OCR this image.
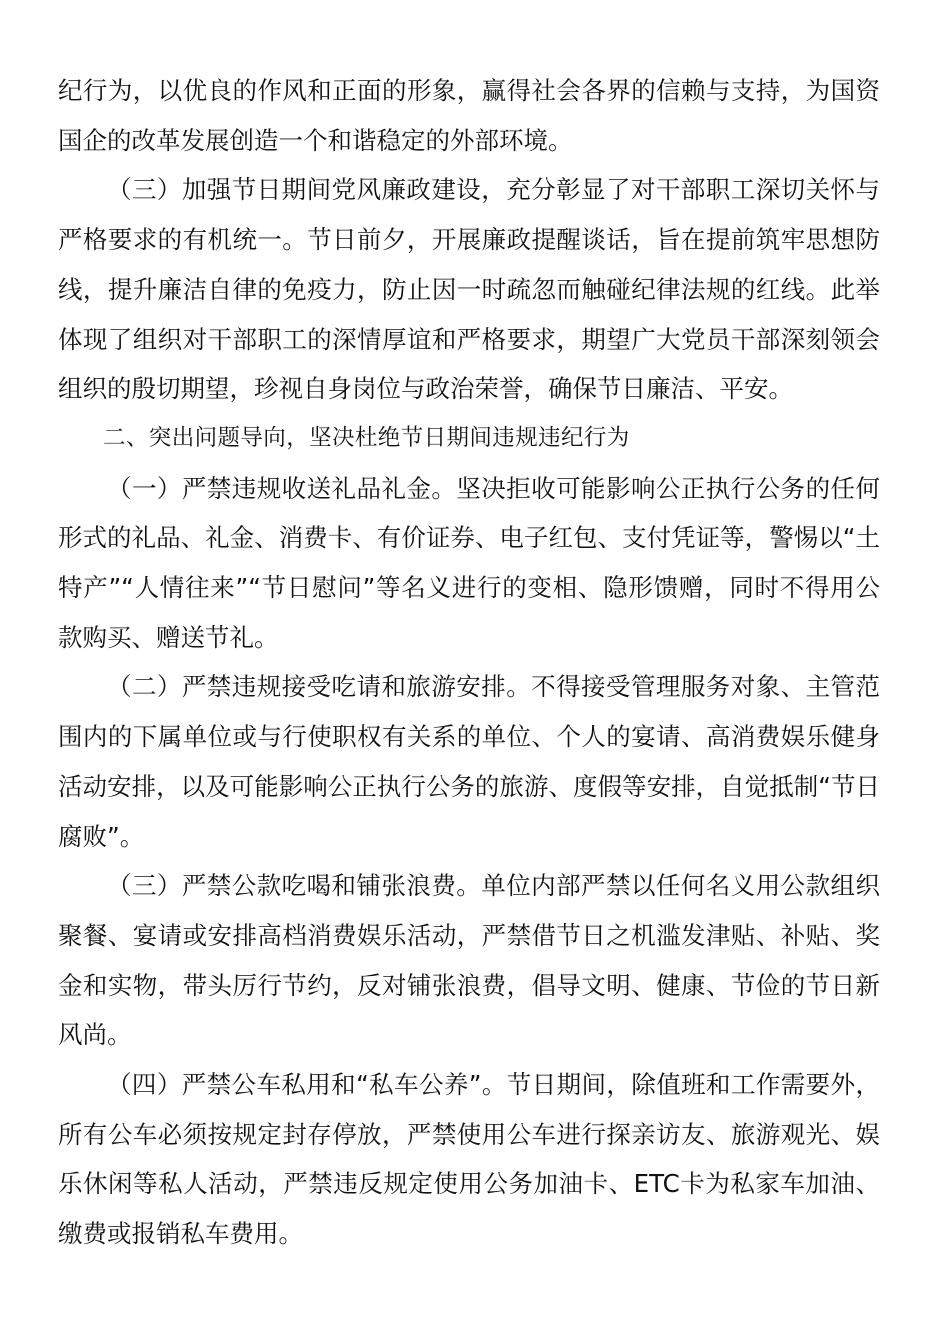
纪行为，以优良的作风和正面的形象，赢得社会各界的信赖与支持，为国资国企的改革发展创造一个和谐稳定的外部环境。

（三）加强节日期间党风廉政建设，充分彰显了对干部职工深切关怀与严格要求的有机统一。节日前夕，开展廉政提醒谈话，旨在提前筑牢思想防线，提升廉洁自律的免疫力，防止因一时疏忽而触碰纪律法规的红线。此举体现了组织对干部职工的深情厚谊和严格要求，期望广大党员干部深刻领会组织的殷切期望，珍视自身岗位与政治荣誉，确保节日廉洁、平安。

二、突出问题导向，坚决杜绝节日期间违规违纪行为

（一）严禁违规收送礼品礼金。坚决拒收可能影响公正执行公务的任何形式的礼品、礼金、消费卡、有价证券、电子红包、支付凭证等，警惕以“土特产”“人情往来”“节日慰问”等名义进行的变相、隐形馈赠，同时不得用公款购买、赠送节礼。

（二）严禁违规接受吃请和旅游安排。不得接受管理服务对象、主管范围内的下属单位或与行使职权有关系的单位、个人的宴请、高消费娱乐健身活动安排，以及可能影响公正执行公务的旅游、度假等安排，自觉抵制“节日腐败”。

（三）严禁公款吃喝和铺张浪费。单位内部严禁以任何名义用公款组织聚餐、宴请或安排高档消费娱乐活动，严禁借节日之机滥发津贴、补贴、奖金和实物，带头厉行节约，反对铺张浪费，倡导文明、健康、节俭的节日新风尚。

（四）严禁公车私用和“私车公养”。节日期间，除值班和工作需要外，所有公车必须按规定封存停放，严禁使用公车进行探亲访友、旅游观光、娱乐休闲等私人活动，严禁违反规定使用公务加油卡、ETC卡为私家车加油、缴费或报销私车费用。
